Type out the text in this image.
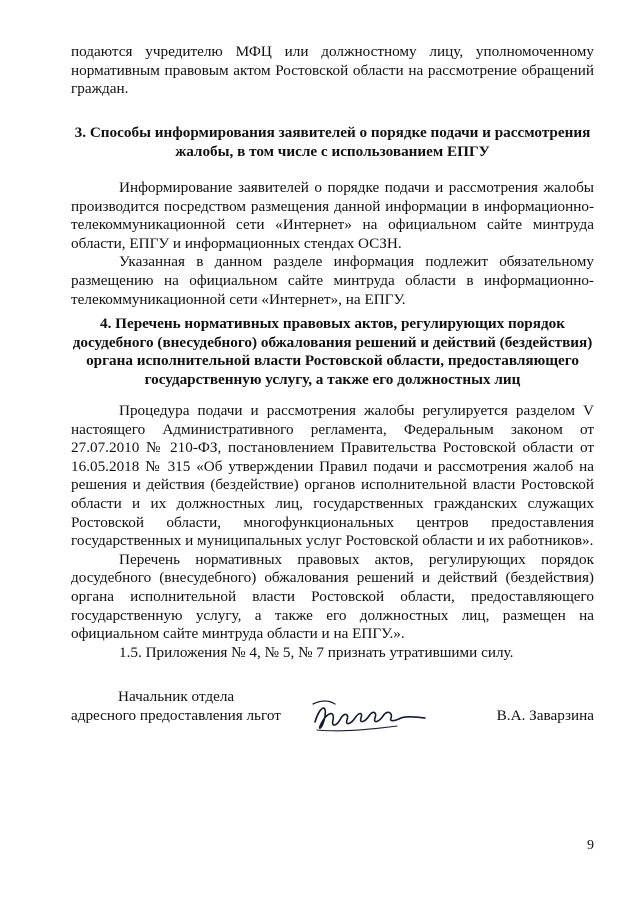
подаются учредителю МФЦ или должностному лицу, уполномоченному нормативным правовым актом Ростовской области на рассмотрение обращений граждан.

3. Способы информирования заявителей о порядке подачи и рассмотрения жалобы, в том числе с использованием ЕПГУ

Информирование заявителей о порядке подачи и рассмотрения жалобы производится посредством размещения данной информации в информационно-телекоммуникационной сети «Интернет» на официальном сайте минтруда области, ЕПГУ и информационных стендах ОСЗН.

Указанная в данном разделе информация подлежит обязательному размещению на официальном сайте минтруда области в информационно-телекоммуникационной сети «Интернет», на ЕПГУ.

4. Перечень нормативных правовых актов, регулирующих порядок досудебного (внесудебного) обжалования решений и действий (бездействия) органа исполнительной власти Ростовской области, предоставляющего государственную услугу, а также его должностных лиц

Процедура подачи и рассмотрения жалобы регулируется разделом V настоящего Административного регламента, Федеральным законом от 27.07.2010 № 210-ФЗ, постановлением Правительства Ростовской области от 16.05.2018 № 315 «Об утверждении Правил подачи и рассмотрения жалоб на решения и действия (бездействие) органов исполнительной власти Ростовской области и их должностных лиц, государственных гражданских служащих Ростовской области, многофункциональных центров предоставления государственных и муниципальных услуг Ростовской области и их работников».

Перечень нормативных правовых актов, регулирующих порядок досудебного (внесудебного) обжалования решений и действий (бездействия) органа исполнительной власти Ростовской области, предоставляющего государственную услугу, а также его должностных лиц, размещен на официальном сайте минтруда области и на ЕПГУ.».

1.5. Приложения № 4, № 5, № 7 признать утратившими силу.

Начальник отдела
адресного предоставления льгот	В.А. Заварзина
9
